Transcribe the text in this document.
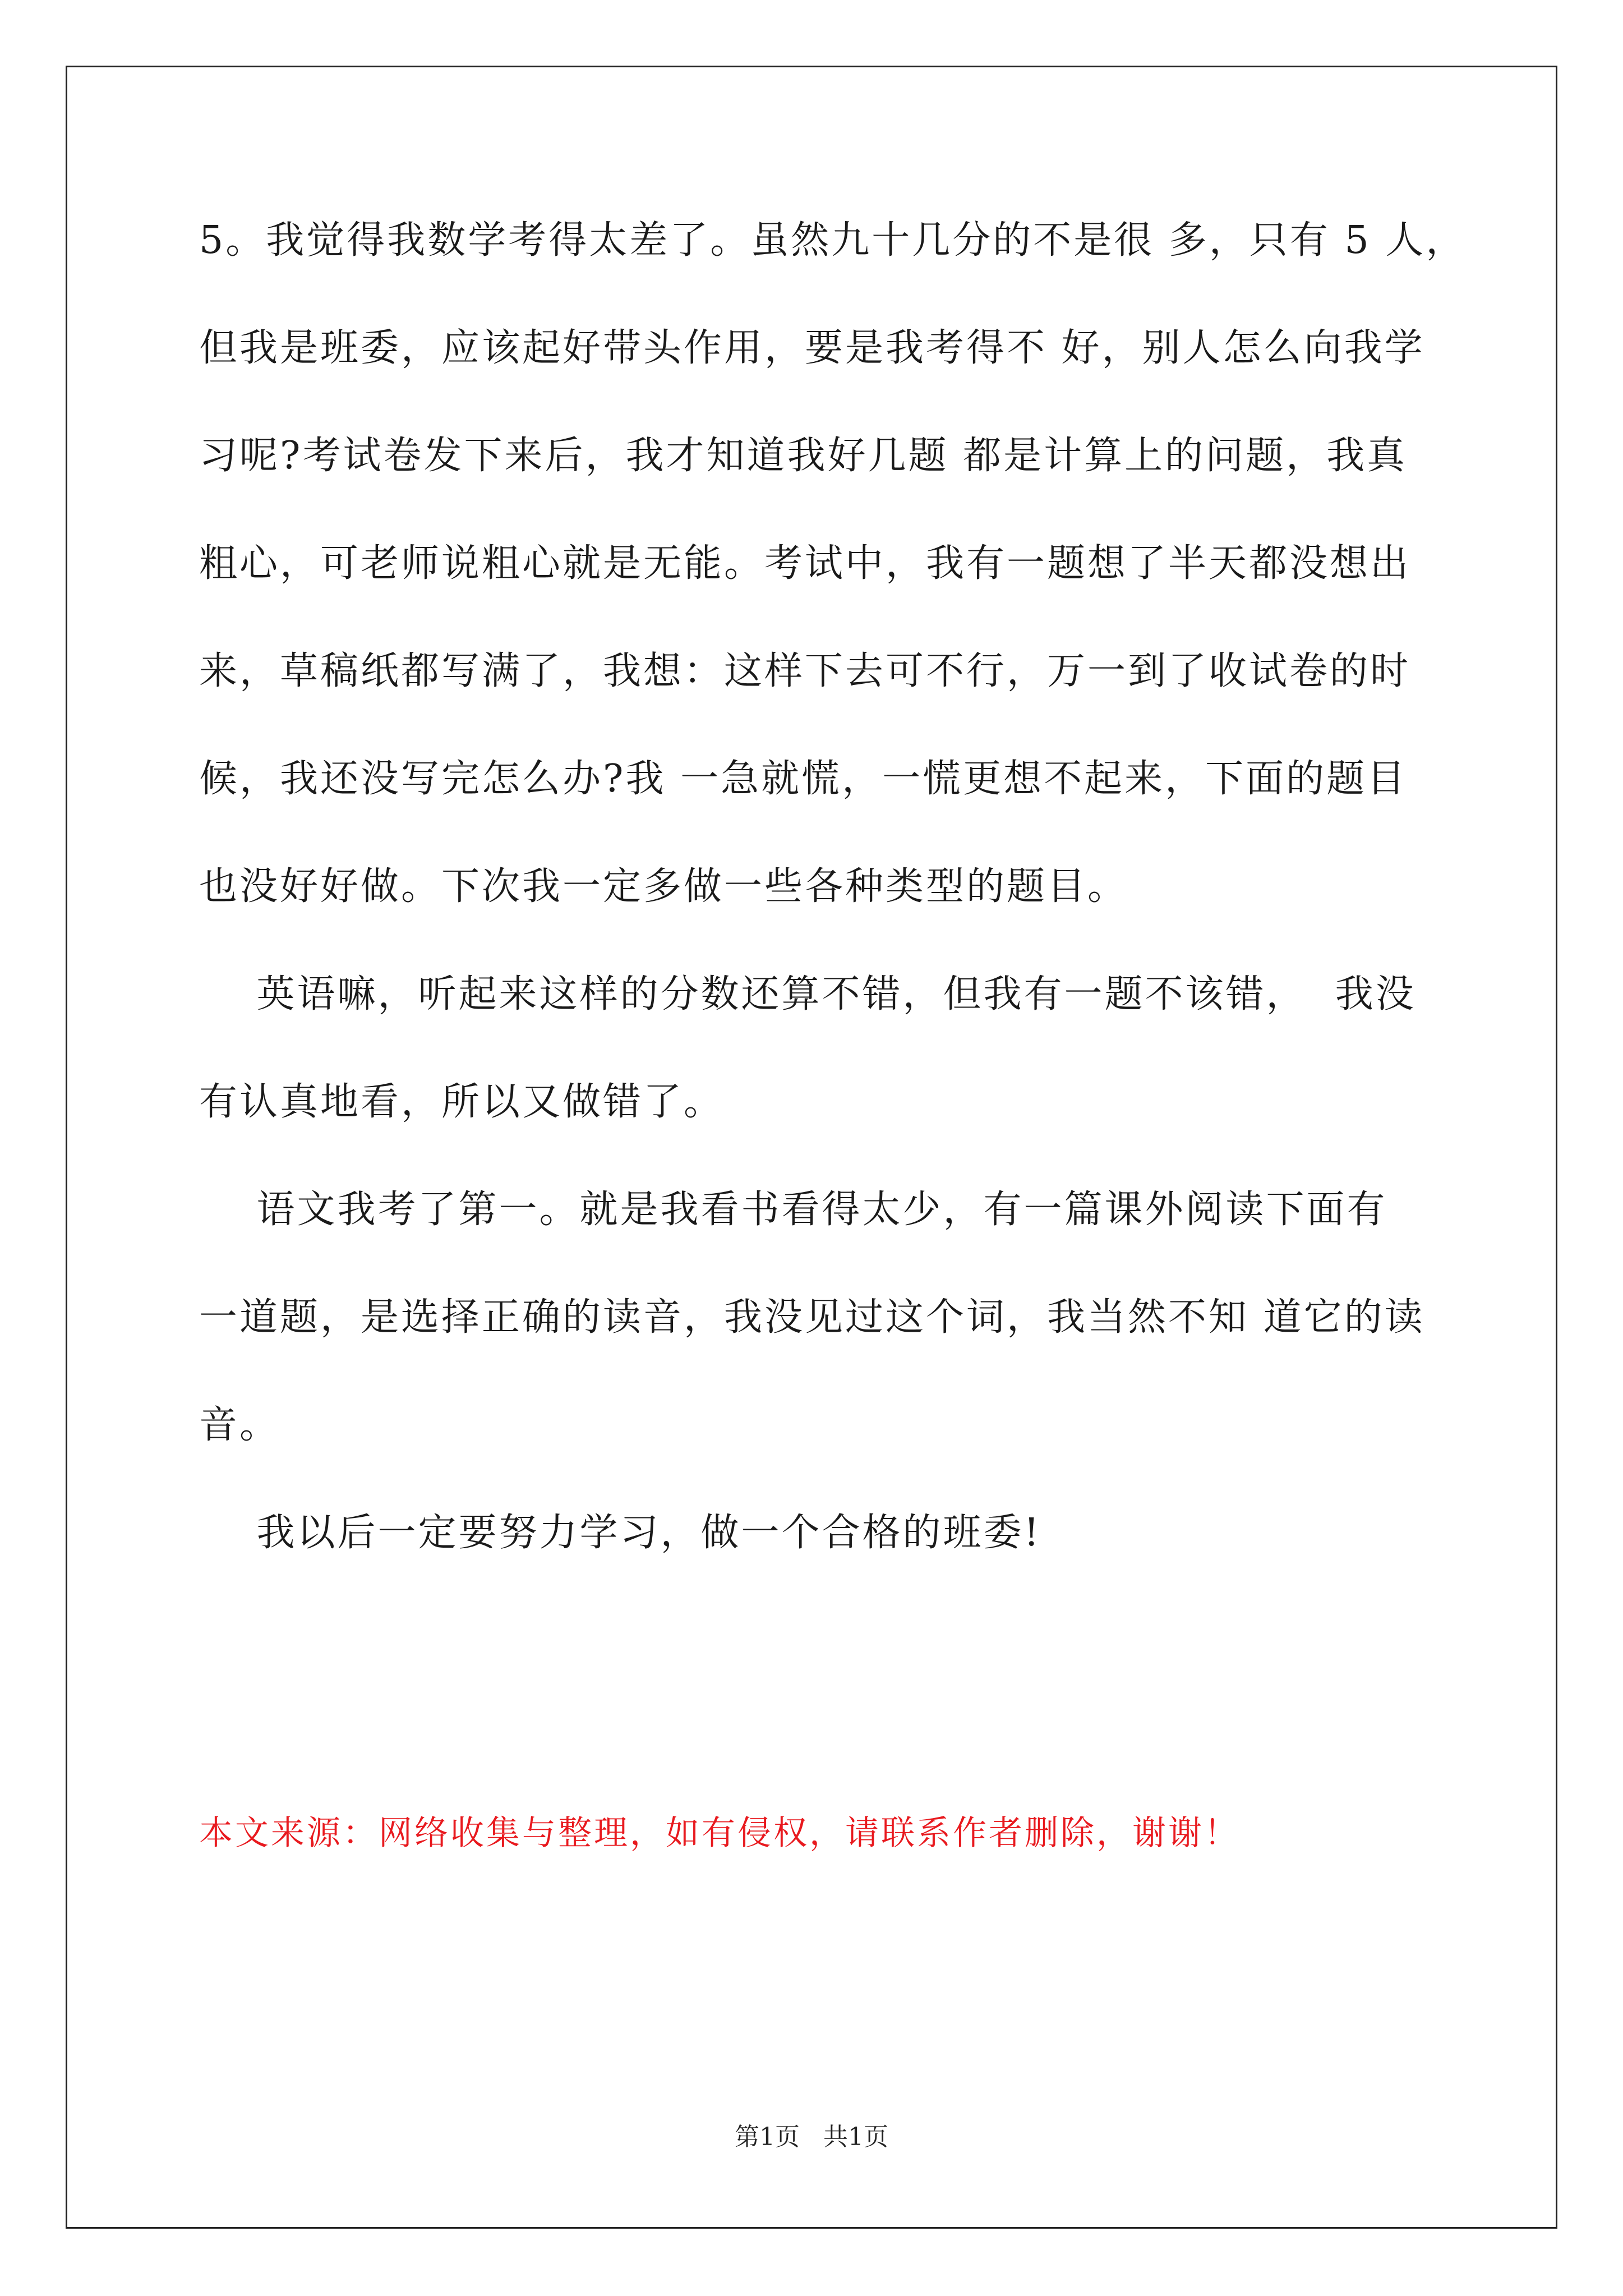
5。我觉得我数学考得太差了。虽然九十几分的不是很 多，只有 5 人，
但我是班委，应该起好带头作用，要是我考得不 好，别人怎么向我学
习呢?考试卷发下来后，我才知道我好几题 都是计算上的问题，我真
粗心，可老师说粗心就是无能。考试中，我有一题想了半天都没想出
来，草稿纸都写满了，我想：这样下去可不行，万一到了收试卷的时
候，我还没写完怎么办?我 一急就慌，一慌更想不起来，下面的题目
也没好好做。下次我一定多做一些各种类型的题目。
英语嘛，听起来这样的分数还算不错，但我有一题不该错，  我没
有认真地看，所以又做错了。
语文我考了第一。就是我看书看得太少，有一篇课外阅读下面有
一道题，是选择正确的读音，我没见过这个词，我当然不知 道它的读
音。
我以后一定要努力学习，做一个合格的班委!
本文来源：网络收集与整理，如有侵权，请联系作者删除，谢谢！
第1页   共1页
